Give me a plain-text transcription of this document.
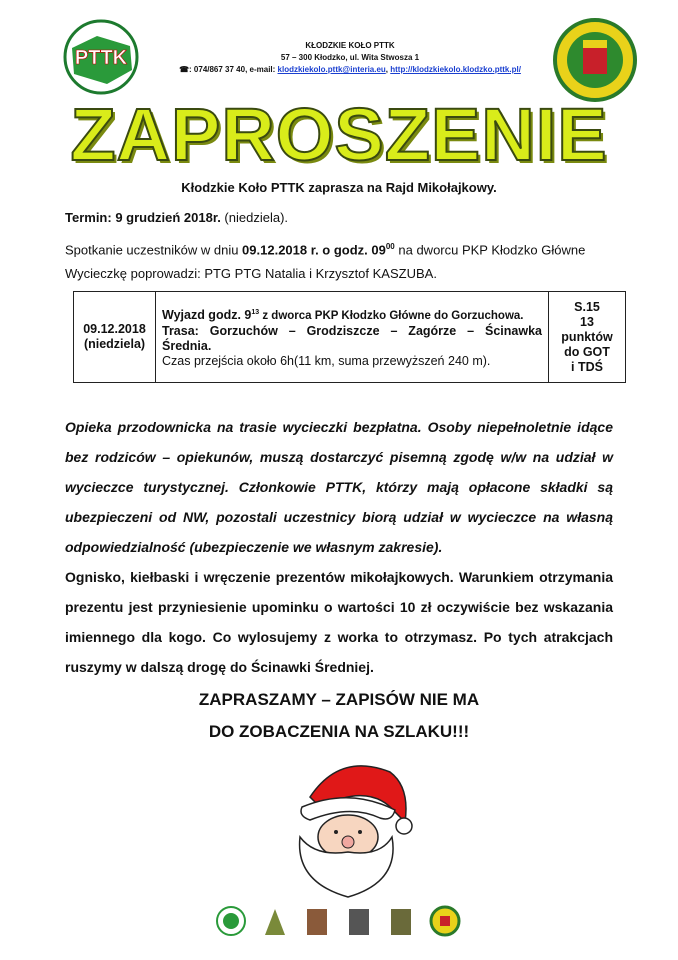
PTTK
KŁODZKIE KOŁO PTTK
57 – 300 Kłodzko, ul. Wita Stwosza 1
☎: 074/867 37 40, e-mail: klodzkiekolo.pttk@interia.eu, http://klodzkiekolo.klodzko.pttk.pl/
ZAPROSZENIE
Kłodzkie Koło PTTK zaprasza na Rajd Mikołajkowy.
Termin: 9 grudzień 2018r. (niedziela).
Spotkanie uczestników w dniu 09.12.2018 r. o godz. $09^{00}$ na dworcu PKP Kłodzko Główne
Wycieczkę poprowadzi: PTG PTG Natalia i Krzysztof KASZUBA.
09.12.2018
(niedziela)

Wyjazd godz. $9^{13}$ z dworca PKP Kłodzko Główne do Gorzuchowa.
Trasa: Gorzuchów – Grodziszcze – Zagórze – Ścinawka Średnia.
Czas przejścia około 6h(11 km, suma przewyższeń 240 m).

S.15
13
punktów
do GOT
i TDŚ

Opieka przodownicka na trasie wycieczki bezpłatna. Osoby niepełnoletnie idące bez rodziców – opiekunów, muszą dostarczyć pisemną zgodę w/w na udział w wycieczce turystycznej. Członkowie PTTK, którzy mają opłacone składki są ubezpieczeni od NW, pozostali uczestnicy biorą udział w wycieczce na własną odpowiedzialność (ubezpieczenie we własnym zakresie).

Ognisko, kiełbaski i wręczenie prezentów mikołajkowych. Warunkiem otrzymania prezentu jest przyniesienie upominku o wartości 10 zł oczywiście bez wskazania imiennego dla kogo. Co wylosujemy z worka to otrzymasz. Po tych atrakcjach ruszymy w dalszą drogę do Ścinawki Średniej.

ZAPRASZAMY – ZAPISÓW NIE MA
DO ZOBACZENIA NA SZLAKU!!!
